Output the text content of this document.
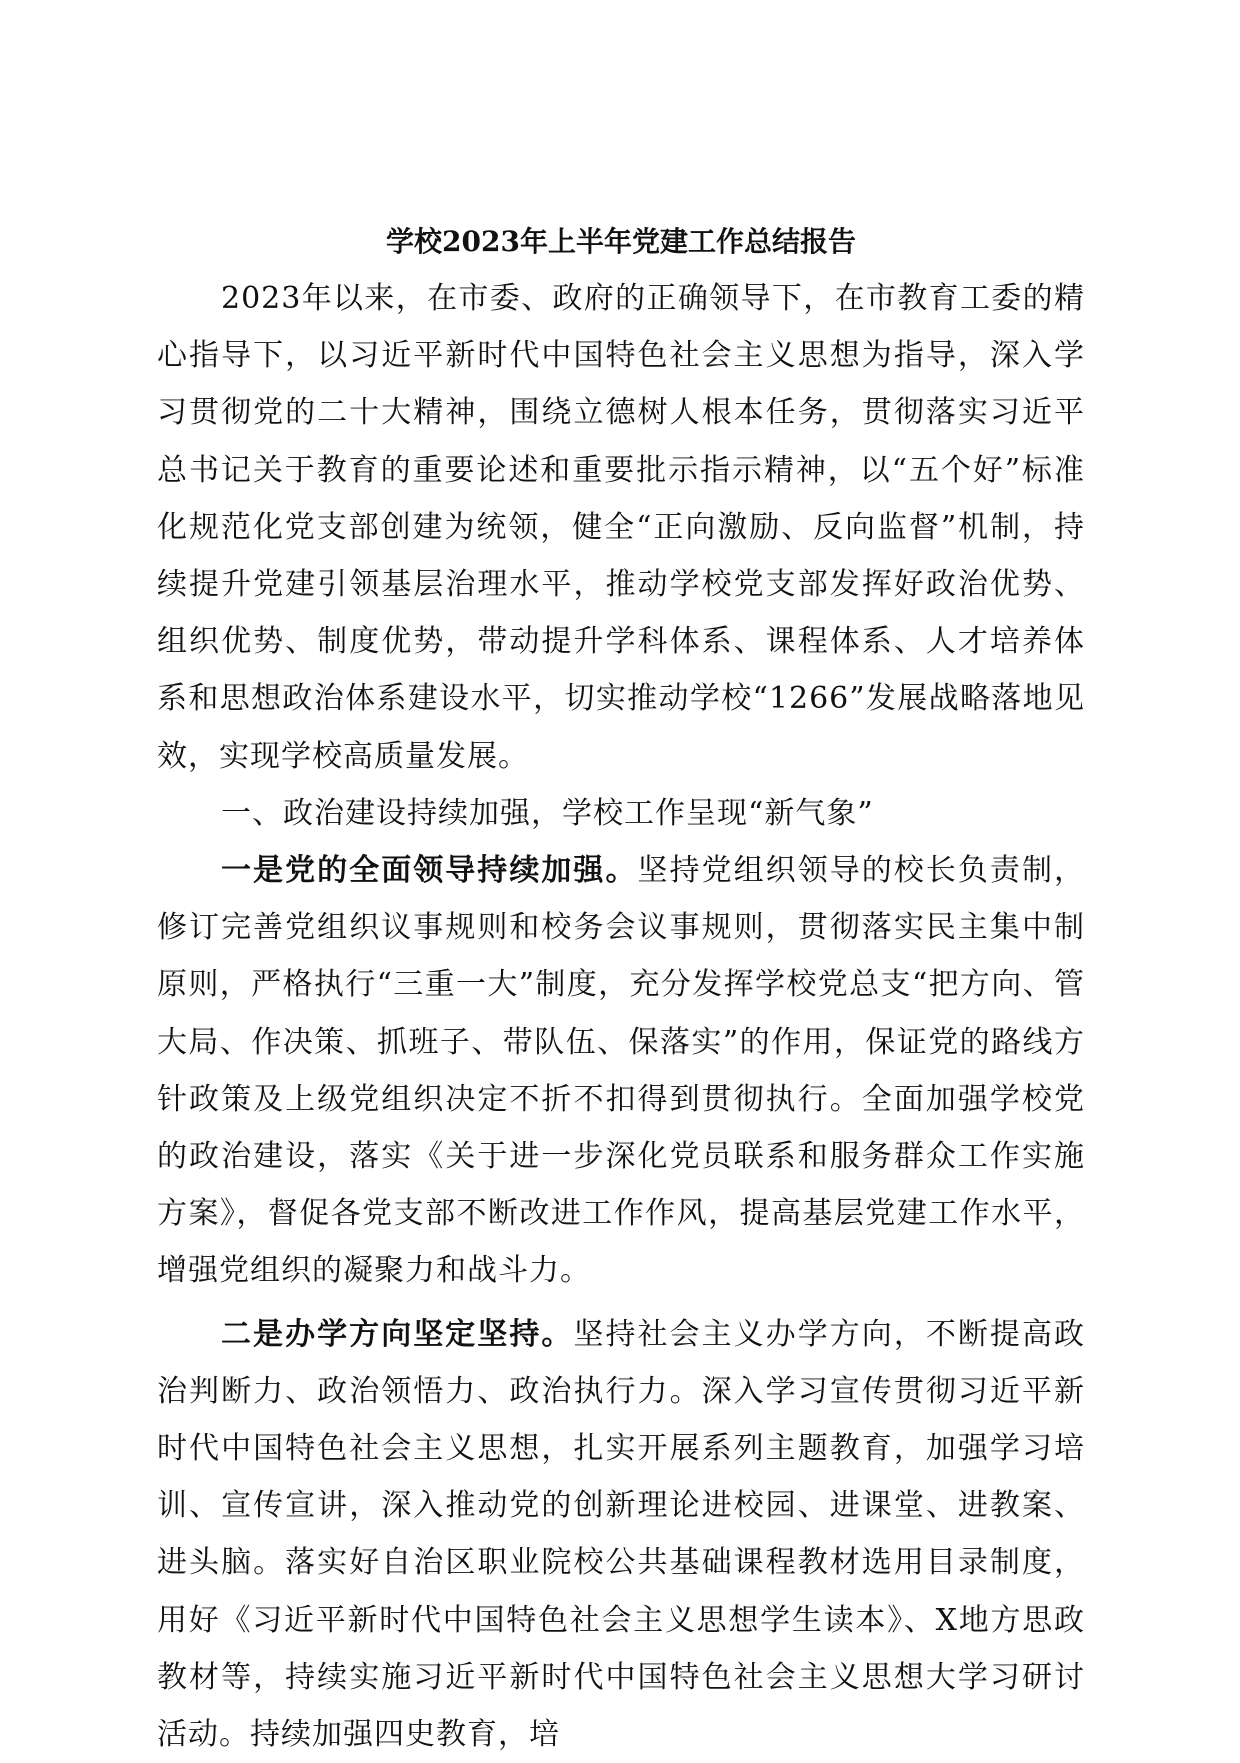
学校2023年上半年党建工作总结报告

2023年以来，在市委、政府的正确领导下，在市教育工委的精心指导下，以习近平新时代中国特色社会主义思想为指导，深入学习贯彻党的二十大精神，围绕立德树人根本任务，贯彻落实习近平总书记关于教育的重要论述和重要批示指示精神，以“五个好”标准化规范化党支部创建为统领，健全“正向激励、反向监督”机制，持续提升党建引领基层治理水平，推动学校党支部发挥好政治优势、组织优势、制度优势，带动提升学科体系、课程体系、人才培养体系和思想政治体系建设水平，切实推动学校“1266”发展战略落地见效，实现学校高质量发展。

一、政治建设持续加强，学校工作呈现“新气象”

一是党的全面领导持续加强。坚持党组织领导的校长负责制，修订完善党组织议事规则和校务会议事规则，贯彻落实民主集中制原则，严格执行“三重一大”制度，充分发挥学校党总支“把方向、管大局、作决策、抓班子、带队伍、保落实”的作用，保证党的路线方针政策及上级党组织决定不折不扣得到贯彻执行。全面加强学校党的政治建设，落实《关于进一步深化党员联系和服务群众工作实施方案》，督促各党支部不断改进工作作风，提高基层党建工作水平，增强党组织的凝聚力和战斗力。

二是办学方向坚定坚持。坚持社会主义办学方向，不断提高政治判断力、政治领悟力、政治执行力。深入学习宣传贯彻习近平新时代中国特色社会主义思想，扎实开展系列主题教育，加强学习培训、宣传宣讲，深入推动党的创新理论进校园、进课堂、进教案、进头脑。落实好自治区职业院校公共基础课程教材选用目录制度，用好《习近平新时代中国特色社会主义思想学生读本》、X地方思政教材等，持续实施习近平新时代中国特色社会主义思想大学习研讨活动。持续加强四史教育，培
